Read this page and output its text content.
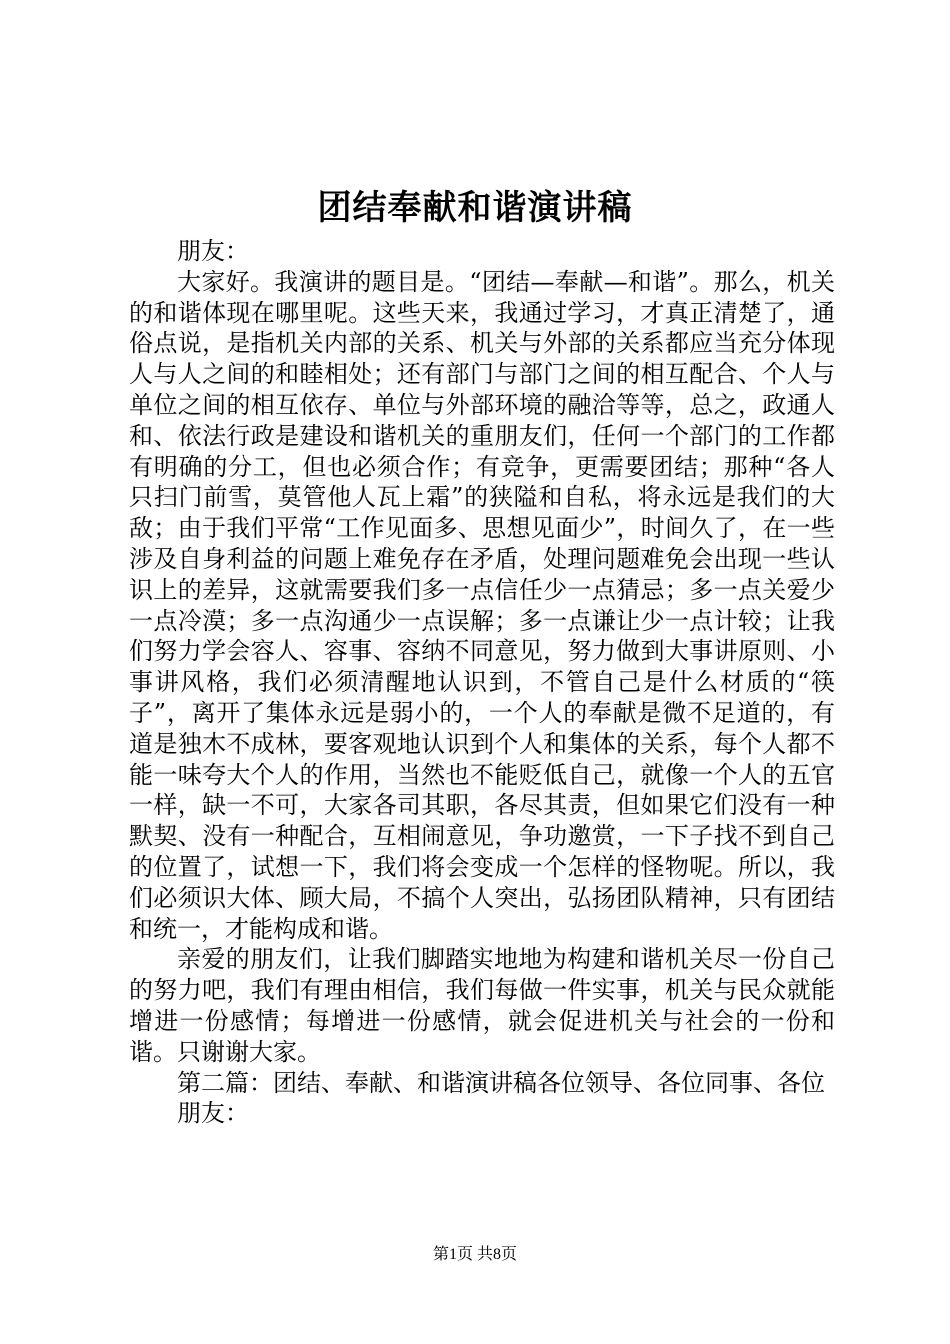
团结奉献和谐演讲稿

朋友：

大家好。我演讲的题目是。“团结—奉献—和谐”。那么，机关的和谐体现在哪里呢。这些天来，我通过学习，才真正清楚了，通俗点说，是指机关内部的关系、机关与外部的关系都应当充分体现人与人之间的和睦相处；还有部门与部门之间的相互配合、个人与单位之间的相互依存、单位与外部环境的融洽等等，总之，政通人和、依法行政是建设和谐机关的重朋友们，任何一个部门的工作都有明确的分工，但也必须合作；有竞争，更需要团结；那种“各人只扫门前雪，莫管他人瓦上霜”的狭隘和自私，将永远是我们的大敌；由于我们平常“工作见面多、思想见面少”，时间久了，在一些涉及自身利益的问题上难免存在矛盾，处理问题难免会出现一些认识上的差异，这就需要我们多一点信任少一点猜忌；多一点关爱少一点冷漠；多一点沟通少一点误解；多一点谦让少一点计较；让我们努力学会容人、容事、容纳不同意见，努力做到大事讲原则、小事讲风格，我们必须清醒地认识到，不管自己是什么材质的“筷子”，离开了集体永远是弱小的，一个人的奉献是微不足道的，有道是独木不成林，要客观地认识到个人和集体的关系，每个人都不能一味夸大个人的作用，当然也不能贬低自己，就像一个人的五官一样，缺一不可，大家各司其职，各尽其责，但如果它们没有一种默契、没有一种配合，互相闹意见，争功邀赏，一下子找不到自己的位置了，试想一下，我们将会变成一个怎样的怪物呢。所以，我们必须识大体、顾大局，不搞个人突出，弘扬团队精神，只有团结和统一，才能构成和谐。

亲爱的朋友们，让我们脚踏实地地为构建和谐机关尽一份自己的努力吧，我们有理由相信，我们每做一件实事，机关与民众就能增进一份感情；每增进一份感情，就会促进机关与社会的一份和谐。只谢谢大家。

第二篇：团结、奉献、和谐演讲稿各位领导、各位同事、各位

朋友：

第1页 共8页
